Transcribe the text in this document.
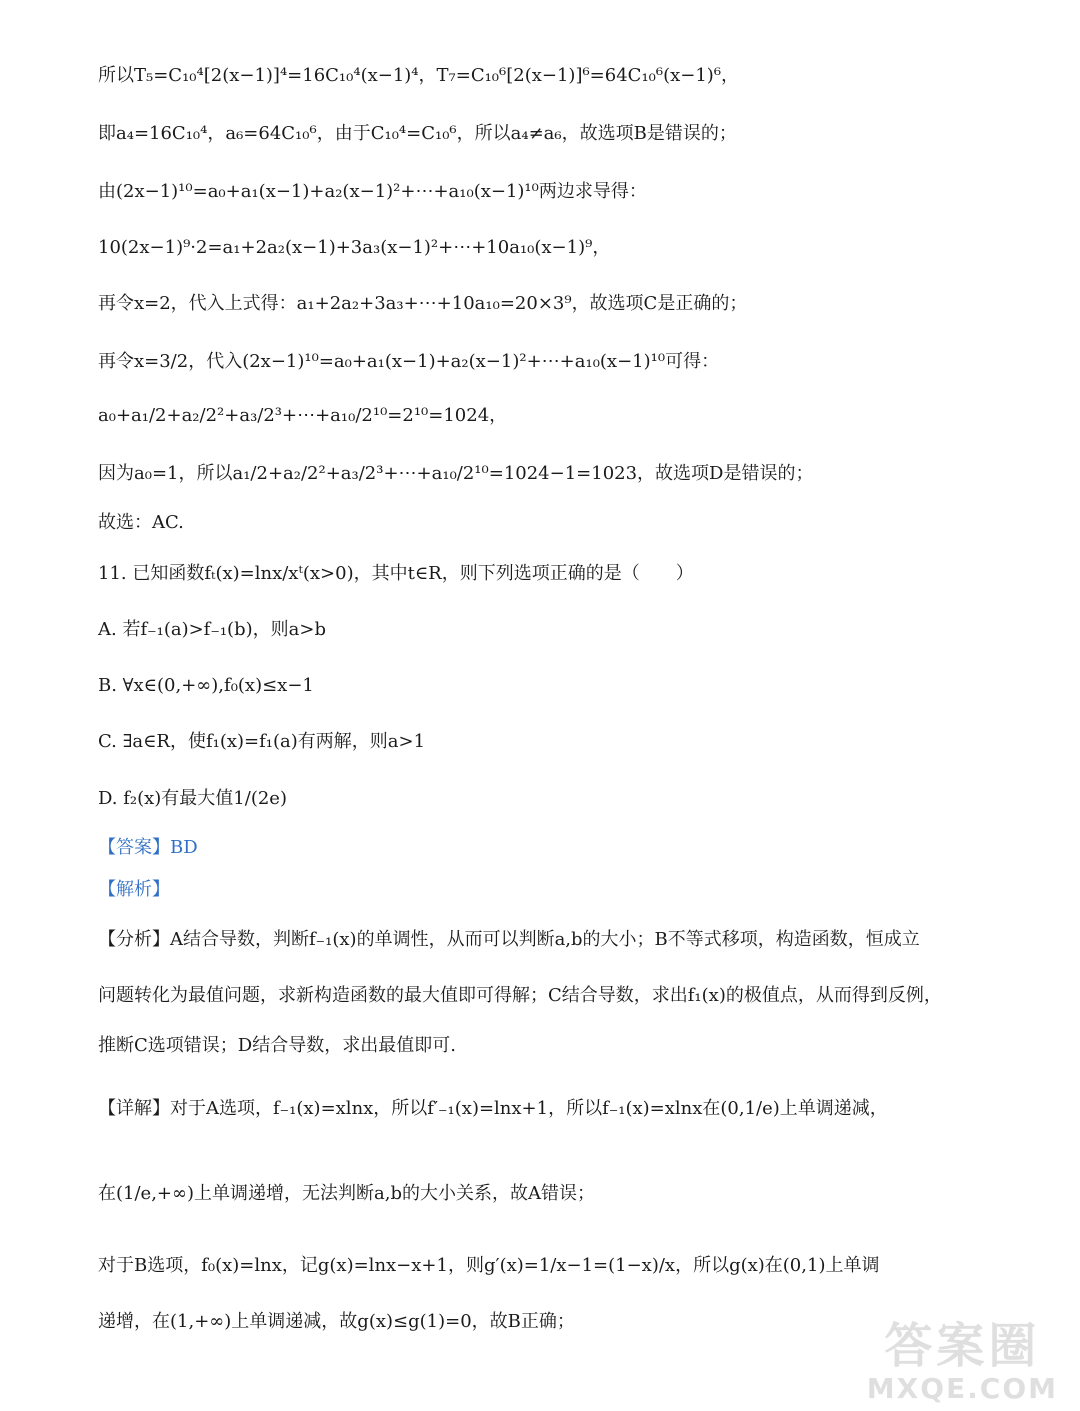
所以T₅=C₁₀⁴[2(x−1)]⁴=16C₁₀⁴(x−1)⁴，T₇=C₁₀⁶[2(x−1)]⁶=64C₁₀⁶(x−1)⁶，
即a₄=16C₁₀⁴，a₆=64C₁₀⁶，由于C₁₀⁴=C₁₀⁶，所以a₄≠a₆，故选项B是错误的；
由(2x−1)¹⁰=a₀+a₁(x−1)+a₂(x−1)²+⋯+a₁₀(x−1)¹⁰两边求导得：
10(2x−1)⁹·2=a₁+2a₂(x−1)+3a₃(x−1)²+⋯+10a₁₀(x−1)⁹，
再令x=2，代入上式得：a₁+2a₂+3a₃+⋯+10a₁₀=20×3⁹，故选项C是正确的；
再令x=3/2，代入(2x−1)¹⁰=a₀+a₁(x−1)+a₂(x−1)²+⋯+a₁₀(x−1)¹⁰可得：
a₀+a₁/2+a₂/2²+a₃/2³+⋯+a₁₀/2¹⁰=2¹⁰=1024，
因为a₀=1，所以a₁/2+a₂/2²+a₃/2³+⋯+a₁₀/2¹⁰=1024−1=1023，故选项D是错误的；
故选：AC.
11. 已知函数fₜ(x)=lnx/xᵗ(x>0)，其中t∈R，则下列选项正确的是（　　）
A. 若f₋₁(a)>f₋₁(b)，则a>b
B. ∀x∈(0,+∞),f₀(x)≤x−1
C. ∃a∈R，使f₁(x)=f₁(a)有两解，则a>1
D. f₂(x)有最大值1/(2e)
【答案】BD
【解析】
【分析】A结合导数，判断f₋₁(x)的单调性，从而可以判断a,b的大小；B不等式移项，构造函数，恒成立
问题转化为最值问题，求新构造函数的最大值即可得解；C结合导数，求出f₁(x)的极值点，从而得到反例，
推断C选项错误；D结合导数，求出最值即可.
【详解】对于A选项，f₋₁(x)=xlnx，所以f′₋₁(x)=lnx+1，所以f₋₁(x)=xlnx在(0,1/e)上单调递减，
在(1/e,+∞)上单调递增，无法判断a,b的大小关系，故A错误；
对于B选项，f₀(x)=lnx，记g(x)=lnx−x+1，则g′(x)=1/x−1=(1−x)/x，所以g(x)在(0,1)上单调
递增，在(1,+∞)上单调递减，故g(x)≤g(1)=0，故B正确；	答案圈
MXQE.COM
